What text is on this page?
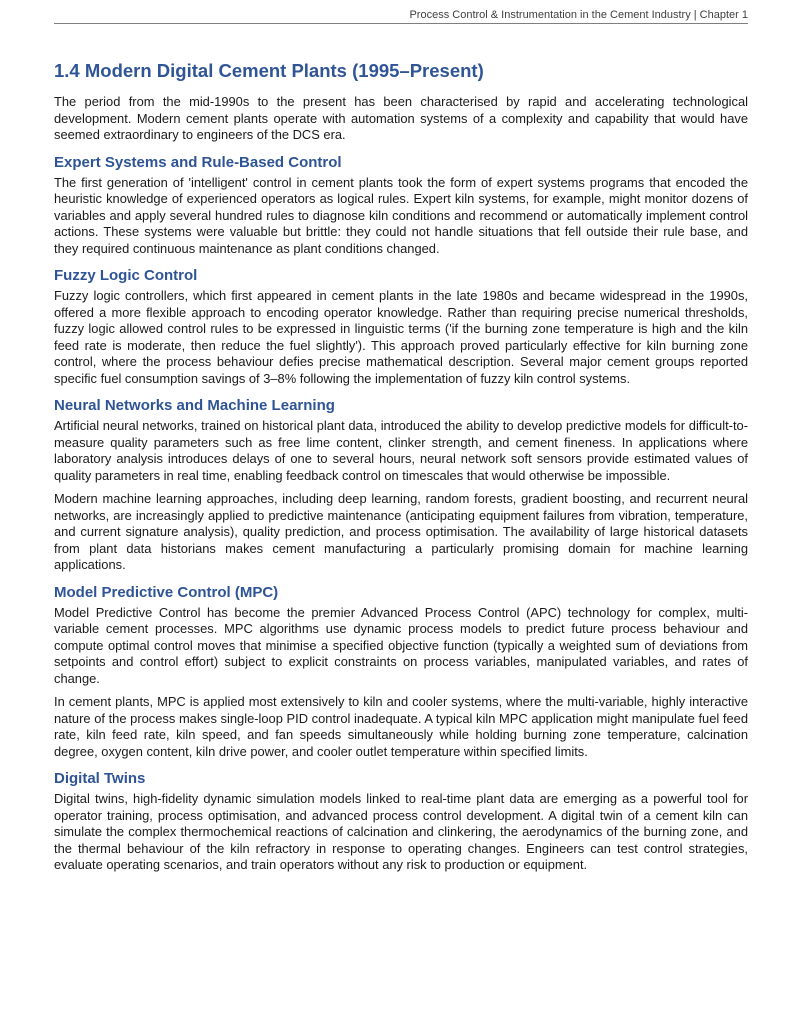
Process Control & Instrumentation in the Cement Industry | Chapter 1
1.4 Modern Digital Cement Plants (1995–Present)

The period from the mid-1990s to the present has been characterised by rapid and accelerating technological development. Modern cement plants operate with automation systems of a complexity and capability that would have seemed extraordinary to engineers of the DCS era.

Expert Systems and Rule-Based Control

The first generation of 'intelligent' control in cement plants took the form of expert systems programs that encoded the heuristic knowledge of experienced operators as logical rules. Expert kiln systems, for example, might monitor dozens of variables and apply several hundred rules to diagnose kiln conditions and recommend or automatically implement control actions. These systems were valuable but brittle: they could not handle situations that fell outside their rule base, and they required continuous maintenance as plant conditions changed.

Fuzzy Logic Control

Fuzzy logic controllers, which first appeared in cement plants in the late 1980s and became widespread in the 1990s, offered a more flexible approach to encoding operator knowledge. Rather than requiring precise numerical thresholds, fuzzy logic allowed control rules to be expressed in linguistic terms ('if the burning zone temperature is high and the kiln feed rate is moderate, then reduce the fuel slightly'). This approach proved particularly effective for kiln burning zone control, where the process behaviour defies precise mathematical description. Several major cement groups reported specific fuel consumption savings of 3–8% following the implementation of fuzzy kiln control systems.

Neural Networks and Machine Learning

Artificial neural networks, trained on historical plant data, introduced the ability to develop predictive models for difficult-to-measure quality parameters such as free lime content, clinker strength, and cement fineness. In applications where laboratory analysis introduces delays of one to several hours, neural network soft sensors provide estimated values of quality parameters in real time, enabling feedback control on timescales that would otherwise be impossible.

Modern machine learning approaches, including deep learning, random forests, gradient boosting, and recurrent neural networks, are increasingly applied to predictive maintenance (anticipating equipment failures from vibration, temperature, and current signature analysis), quality prediction, and process optimisation. The availability of large historical datasets from plant data historians makes cement manufacturing a particularly promising domain for machine learning applications.

Model Predictive Control (MPC)

Model Predictive Control has become the premier Advanced Process Control (APC) technology for complex, multi-variable cement processes. MPC algorithms use dynamic process models to predict future process behaviour and compute optimal control moves that minimise a specified objective function (typically a weighted sum of deviations from setpoints and control effort) subject to explicit constraints on process variables, manipulated variables, and rates of change.

In cement plants, MPC is applied most extensively to kiln and cooler systems, where the multi-variable, highly interactive nature of the process makes single-loop PID control inadequate. A typical kiln MPC application might manipulate fuel feed rate, kiln feed rate, kiln speed, and fan speeds simultaneously while holding burning zone temperature, calcination degree, oxygen content, kiln drive power, and cooler outlet temperature within specified limits.

Digital Twins

Digital twins, high-fidelity dynamic simulation models linked to real-time plant data are emerging as a powerful tool for operator training, process optimisation, and advanced process control development. A digital twin of a cement kiln can simulate the complex thermochemical reactions of calcination and clinkering, the aerodynamics of the burning zone, and the thermal behaviour of the kiln refractory in response to operating changes. Engineers can test control strategies, evaluate operating scenarios, and train operators without any risk to production or equipment.
